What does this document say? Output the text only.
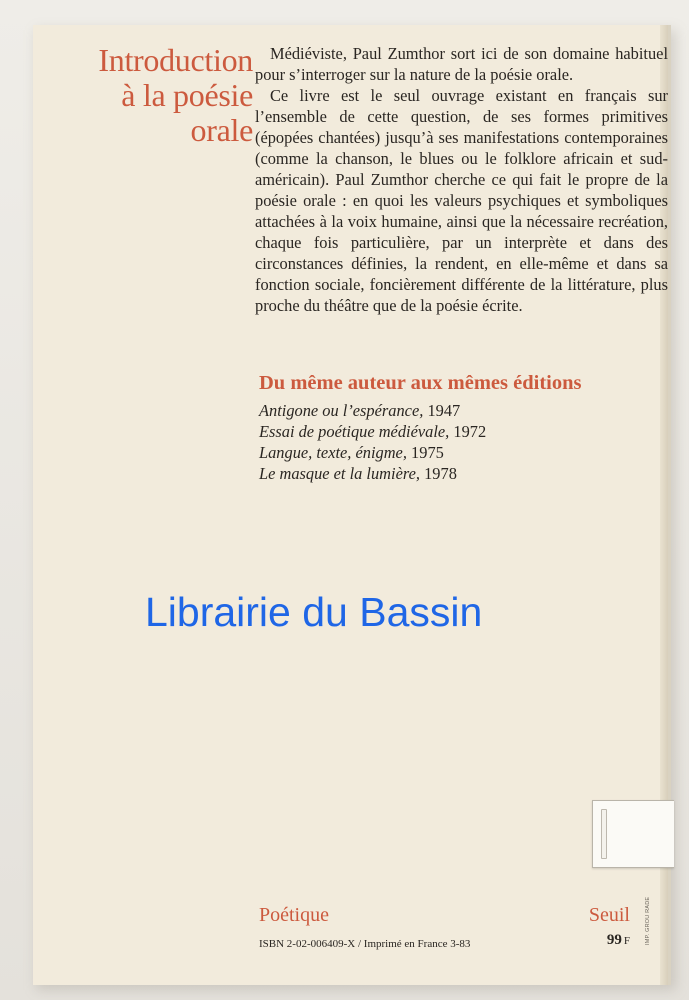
Introduction
à la poésie
orale

Médiéviste, Paul Zumthor sort ici de son domaine habituel pour s’interroger sur la nature de la poésie orale.

Ce livre est le seul ouvrage existant en français sur l’ensemble de cette question, de ses formes primitives (épopées chantées) jusqu’à ses manifestations contemporaines (comme la chanson, le blues ou le folklore africain et sud-américain). Paul Zumthor cherche ce qui fait le propre de la poésie orale : en quoi les valeurs psychiques et symboliques attachées à la voix humaine, ainsi que la nécessaire recréation, chaque fois particulière, par un interprète et dans des circonstances définies, la rendent, en elle-même et dans sa fonction sociale, foncièrement différente de la littérature, plus proche du théâtre que de la poésie écrite.

Du même auteur aux mêmes éditions
Antigone ou l’espérance, 1947
Essai de poétique médiévale, 1972
Langue, texte, énigme, 1975
Le masque et la lumière, 1978
Poétique	Seuil
ISBN 2-02-006409-X / Imprimé en France 3-83	99 F	IMP. GROU RADE
Librairie du Bassin
